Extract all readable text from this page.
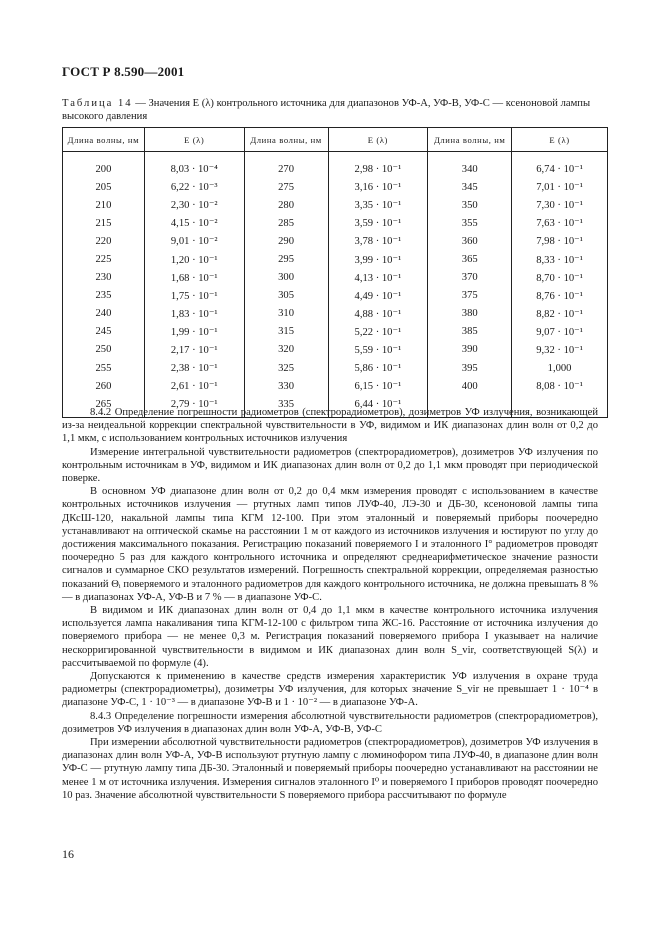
ГОСТ Р 8.590—2001
Таблица 14 — Значения E (λ) контрольного источника для диапазонов УФ-А, УФ-В, УФ-С — ксеноновой лампы высокого давления
Длина волны, нм	E (λ)	Длина волны, нм	E (λ)	Длина волны, нм	E (λ)
200	8,03 · 10⁻⁴	270	2,98 · 10⁻¹	340	6,74 · 10⁻¹
205	6,22 · 10⁻³	275	3,16 · 10⁻¹	345	7,01 · 10⁻¹
210	2,30 · 10⁻²	280	3,35 · 10⁻¹	350	7,30 · 10⁻¹
215	4,15 · 10⁻²	285	3,59 · 10⁻¹	355	7,63 · 10⁻¹
220	9,01 · 10⁻²	290	3,78 · 10⁻¹	360	7,98 · 10⁻¹
225	1,20 · 10⁻¹	295	3,99 · 10⁻¹	365	8,33 · 10⁻¹
230	1,68 · 10⁻¹	300	4,13 · 10⁻¹	370	8,70 · 10⁻¹
235	1,75 · 10⁻¹	305	4,49 · 10⁻¹	375	8,76 · 10⁻¹
240	1,83 · 10⁻¹	310	4,88 · 10⁻¹	380	8,82 · 10⁻¹
245	1,99 · 10⁻¹	315	5,22 · 10⁻¹	385	9,07 · 10⁻¹
250	2,17 · 10⁻¹	320	5,59 · 10⁻¹	390	9,32 · 10⁻¹
255	2,38 · 10⁻¹	325	5,86 · 10⁻¹	395	1,000
260	2,61 · 10⁻¹	330	6,15 · 10⁻¹	400	8,08 · 10⁻¹
265	2,79 · 10⁻¹	335	6,44 · 10⁻¹		

8.4.2 Определение погрешности радиометров (спектрорадиометров), дозиметров УФ излучения, возникающей из-за неидеальной коррекции спектральной чувствительности в УФ, видимом и ИК диапазонах длин волн от 0,2 до 1,1 мкм, с использованием контрольных источников излучения

Измерение интегральной чувствительности радиометров (спектрорадиометров), дозиметров УФ излучения по контрольным источникам в УФ, видимом и ИК диапазонах длин волн от 0,2 до 1,1 мкм проводят при периодической поверке.

В основном УФ диапазоне длин волн от 0,2 до 0,4 мкм измерения проводят с использованием в качестве контрольных источников излучения — ртутных ламп типов ЛУФ-40, ЛЭ-30 и ДБ-30, ксеноновой лампы типа ДКсШ-120, накальной лампы типа КГМ 12-100. При этом эталонный и поверяемый приборы поочередно устанавливают на оптической скамье на расстоянии 1 м от каждого из источников излучения и юстируют по углу до достижения максимального показания. Регистрацию показаний поверяемого I и эталонного I° радиометров проводят поочередно 5 раз для каждого контрольного источника и определяют среднеарифметическое значение разности сигналов и суммарное СКО результатов измерений. Погрешность спектральной коррекции, определяемая разностью показаний Θᵢ поверяемого и эталонного радиометров для каждого контрольного источника, не должна превышать 8 % — в диапазонах УФ-А, УФ-В и 7 % — в диапазоне УФ-С.

В видимом и ИК диапазонах длин волн от 0,4 до 1,1 мкм в качестве контрольного источника излучения используется лампа накаливания типа КГМ-12-100 с фильтром типа ЖС-16. Расстояние от источника излучения до поверяемого прибора — не менее 0,3 м. Регистрация показаний поверяемого прибора I указывает на наличие нескорригированной чувствительности в видимом и ИК диапазонах длин волн S_vir, соответствующей S(λ) и рассчитываемой по формуле (4).

Допускаются к применению в качестве средств измерения характеристик УФ излучения в охране труда радиометры (спектрорадиометры), дозиметры УФ излучения, для которых значение S_vir не превышает 1 · 10⁻⁴ в диапазоне УФ-С, 1 · 10⁻³ — в диапазоне УФ-В и 1 · 10⁻² — в диапазоне УФ-А.

8.4.3 Определение погрешности измерения абсолютной чувствительности радиометров (спектрорадиометров), дозиметров УФ излучения в диапазонах длин волн УФ-А, УФ-В, УФ-С

При измерении абсолютной чувствительности радиометров (спектрорадиометров), дозиметров УФ излучения в диапазонах длин волн УФ-А, УФ-В используют ртутную лампу с люминофором типа ЛУФ-40, в диапазоне длин волн УФ-С — ртутную лампу типа ДБ-30. Эталонный и поверяемый приборы поочередно устанавливают на расстоянии не менее 1 м от источника излучения. Измерения сигналов эталонного I⁰ и поверяемого I приборов проводят поочередно 10 раз. Значение абсолютной чувствительности S поверяемого прибора рассчитывают по формуле

16
